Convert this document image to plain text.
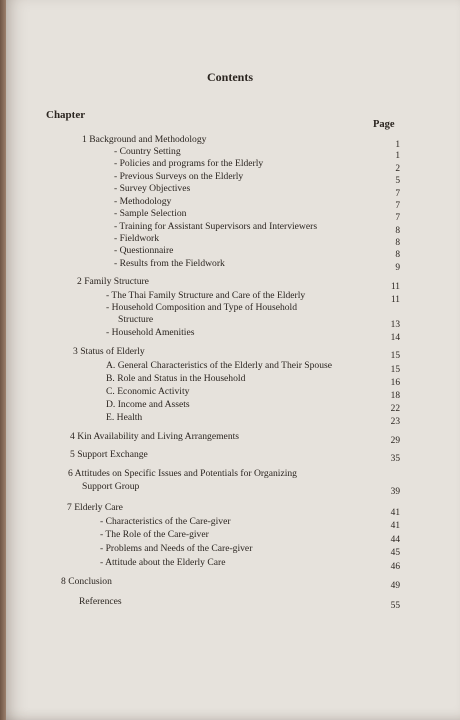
Contents
Chapter
Page
1 Background and Methodology	1
- Country Setting	1
- Policies and programs for the Elderly	2
- Previous Surveys on the Elderly	5
- Survey Objectives	7
- Methodology	7
- Sample Selection	7
- Training for Assistant Supervisors and Interviewers	8
- Fieldwork	8
- Questionnaire	8
- Results from the Fieldwork	9
2 Family Structure	11
- The Thai Family Structure and Care of the Elderly	11
- Household Composition and Type of Household
Structure	13
- Household Amenities	14
3 Status of Elderly	15
A. General Characteristics of the Elderly and Their Spouse	15
B. Role and Status in the Household	16
C. Economic Activity	18
D. Income and Assets	22
E. Health	23
4 Kin Availability and Living Arrangements	29
5 Support Exchange	35
6 Attitudes on Specific Issues and Potentials for Organizing
Support Group	39
7 Elderly Care	41
- Characteristics of the Care-giver	41
- The Role of the Care-giver	44
- Problems and Needs of the Care-giver	45
- Attitude about the Elderly Care	46
8 Conclusion	49
References	55
